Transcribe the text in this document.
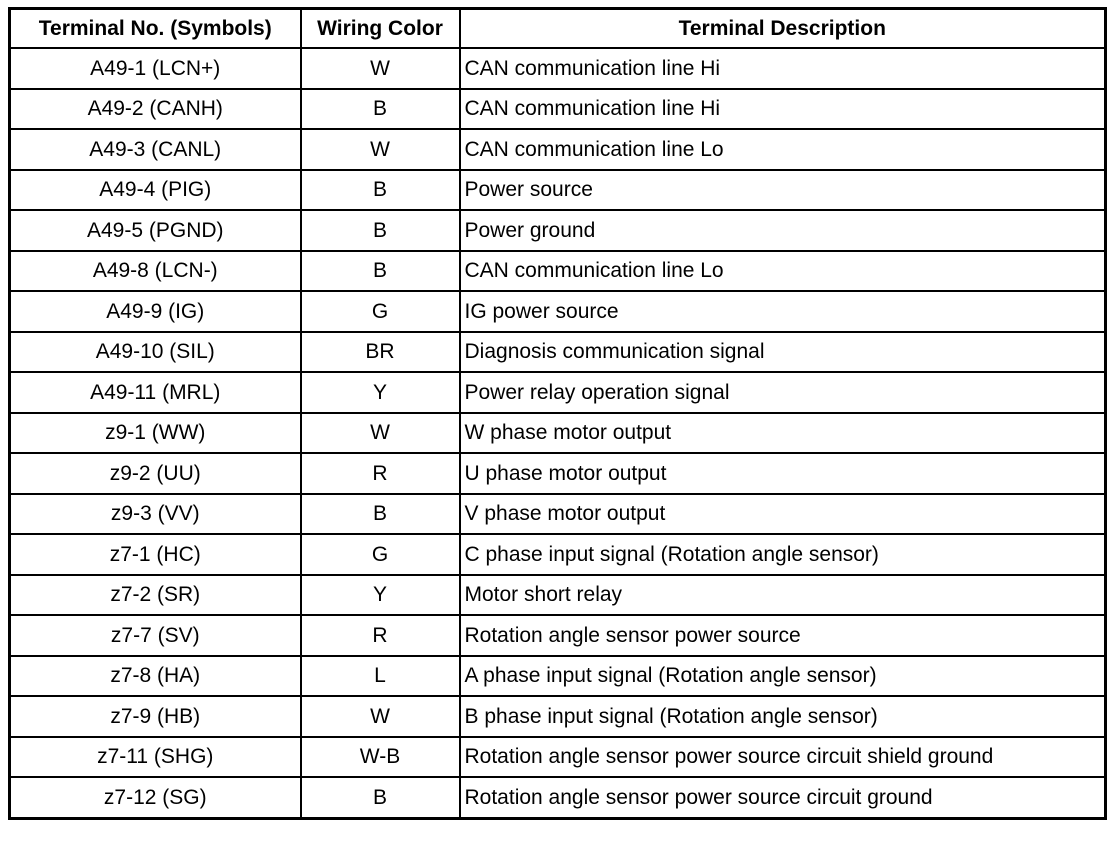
Terminal No. (Symbols)	Wiring Color	Terminal Description
A49-1 (LCN+)	W	CAN communication line Hi
A49-2 (CANH)	B	CAN communication line Hi
A49-3 (CANL)	W	CAN communication line Lo
A49-4 (PIG)	B	Power source
A49-5 (PGND)	B	Power ground
A49-8 (LCN-)	B	CAN communication line Lo
A49-9 (IG)	G	IG power source
A49-10 (SIL)	BR	Diagnosis communication signal
A49-11 (MRL)	Y	Power relay operation signal
z9-1 (WW)	W	W phase motor output
z9-2 (UU)	R	U phase motor output
z9-3 (VV)	B	V phase motor output
z7-1 (HC)	G	C phase input signal (Rotation angle sensor)
z7-2 (SR)	Y	Motor short relay
z7-7 (SV)	R	Rotation angle sensor power source
z7-8 (HA)	L	A phase input signal (Rotation angle sensor)
z7-9 (HB)	W	B phase input signal (Rotation angle sensor)
z7-11 (SHG)	W-B	Rotation angle sensor power source circuit shield ground
z7-12 (SG)	B	Rotation angle sensor power source circuit ground
